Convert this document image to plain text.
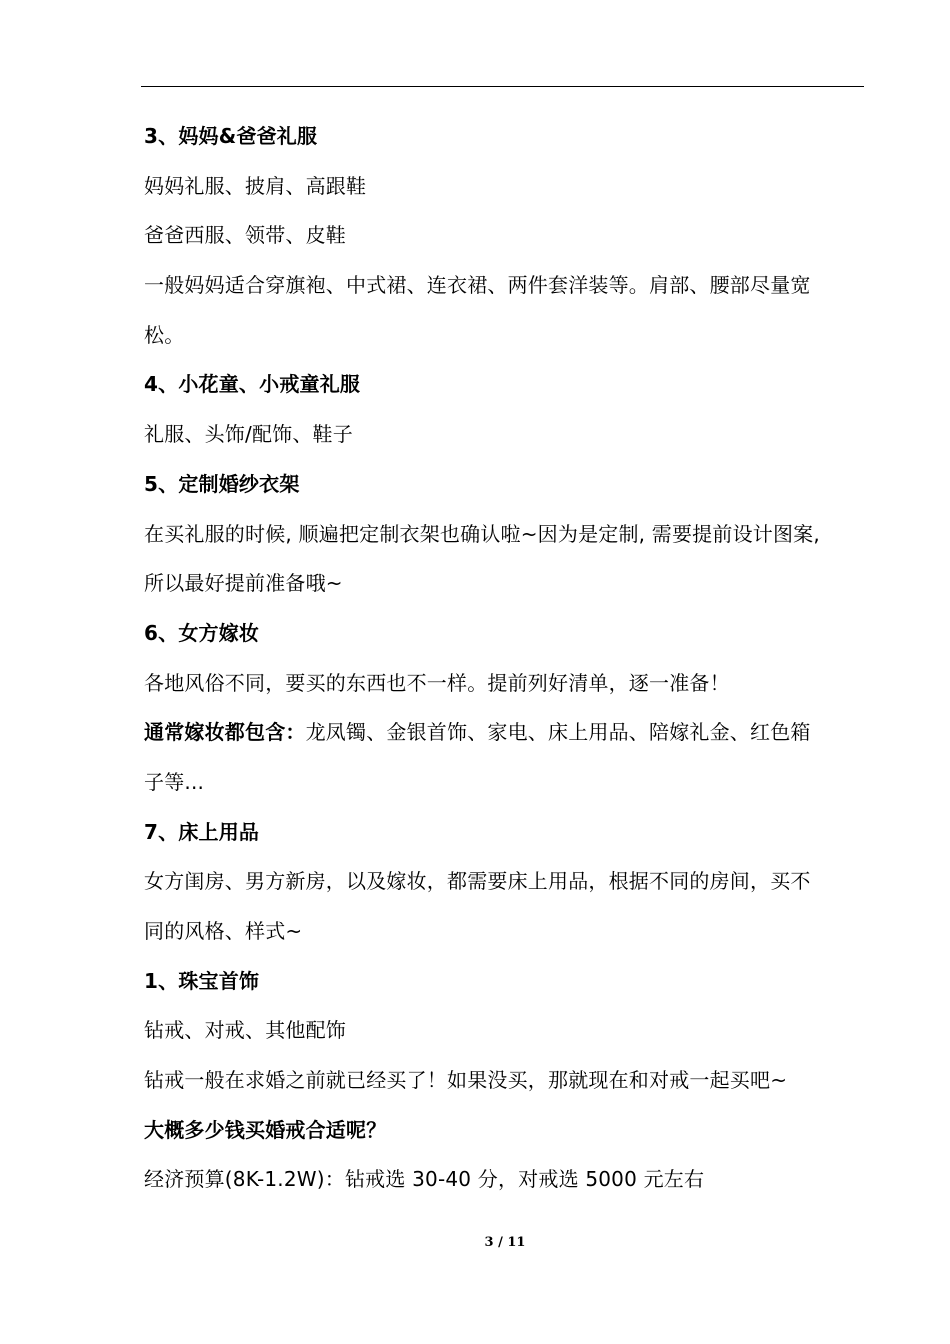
3、妈妈&爸爸礼服
妈妈礼服、披肩、高跟鞋
爸爸西服、领带、皮鞋
一般妈妈适合穿旗袍、中式裙、连衣裙、两件套洋装等。肩部、腰部尽量宽
松。
4、小花童、小戒童礼服
礼服、头饰/配饰、鞋子
5、定制婚纱衣架
在买礼服的时候, 顺遍把定制衣架也确认啦~因为是定制, 需要提前设计图案,
所以最好提前准备哦~
6、女方嫁妆
各地风俗不同，要买的东西也不一样。提前列好清单，逐一准备！
通常嫁妆都包含：龙凤镯、金银首饰、家电、床上用品、陪嫁礼金、红色箱
子等...
7、床上用品
女方闺房、男方新房，以及嫁妆，都需要床上用品，根据不同的房间，买不
同的风格、样式~
1、珠宝首饰
钻戒、对戒、其他配饰
钻戒一般在求婚之前就已经买了！如果没买，那就现在和对戒一起买吧~
大概多少钱买婚戒合适呢？
经济预算(8K-1.2W)：钻戒选 30-40 分，对戒选 5000 元左右
3 / 11
